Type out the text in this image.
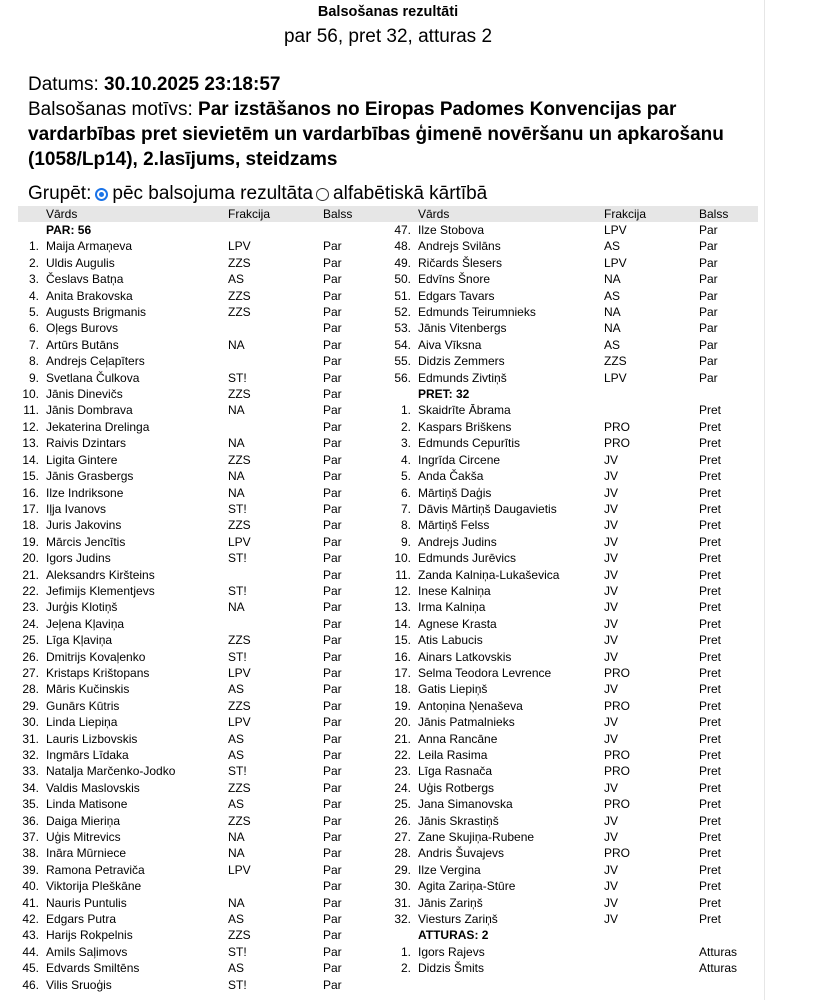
Balsošanas rezultāti
par 56, pret 32, atturas 2
Datums: 30.10.2025 23:18:57
Balsošanas motīvs: Par izstāšanos no Eiropas Padomes Konvencijas par vardarbības pret sievietēm un vardarbības ģimenē novēršanu un apkarošanu (1058/Lp14), 2.lasījums, steidzams
Grupēt: pēc balsojuma rezultāta alfabētiskā kārtībā
	Vārds	Frakcija	Balss
	PAR: 56		
1.	Maija Armaņeva	LPV	Par
2.	Uldis Augulis	ZZS	Par
3.	Česlavs Batņa	AS	Par
4.	Anita Brakovska	ZZS	Par
5.	Augusts Brigmanis	ZZS	Par
6.	Oļegs Burovs		Par
7.	Artūrs Butāns	NA	Par
8.	Andrejs Ceļapīters		Par
9.	Svetlana Čulkova	ST!	Par
10.	Jānis Dinevičs	ZZS	Par
11.	Jānis Dombrava	NA	Par
12.	Jekaterina Drelinga		Par
13.	Raivis Dzintars	NA	Par
14.	Ligita Gintere	ZZS	Par
15.	Jānis Grasbergs	NA	Par
16.	Ilze Indriksone	NA	Par
17.	Iļja Ivanovs	ST!	Par
18.	Juris Jakovins	ZZS	Par
19.	Mārcis Jencītis	LPV	Par
20.	Igors Judins	ST!	Par
21.	Aleksandrs Kiršteins		Par
22.	Jefimijs Klementjevs	ST!	Par
23.	Jurģis Klotiņš	NA	Par
24.	Jeļena Kļaviņa		Par
25.	Līga Kļaviņa	ZZS	Par
26.	Dmitrijs Kovaļenko	ST!	Par
27.	Kristaps Krištopans	LPV	Par
28.	Māris Kučinskis	AS	Par
29.	Gunārs Kūtris	ZZS	Par
30.	Linda Liepiņa	LPV	Par
31.	Lauris Lizbovskis	AS	Par
32.	Ingmārs Līdaka	AS	Par
33.	Natalja Marčenko-Jodko	ST!	Par
34.	Valdis Maslovskis	ZZS	Par
35.	Linda Matisone	AS	Par
36.	Daiga Mieriņa	ZZS	Par
37.	Uģis Mitrevics	NA	Par
38.	Ināra Mūrniece	NA	Par
39.	Ramona Petraviča	LPV	Par
40.	Viktorija Pleškāne		Par
41.	Nauris Puntulis	NA	Par
42.	Edgars Putra	AS	Par
43.	Harijs Rokpelnis	ZZS	Par
44.	Amils Saļimovs	ST!	Par
45.	Edvards Smiltēns	AS	Par
46.	Vilis Sruoģis	ST!	Par
	Vārds	Frakcija	Balss
47.	Ilze Stobova	LPV	Par
48.	Andrejs Svilāns	AS	Par
49.	Ričards Šlesers	LPV	Par
50.	Edvīns Šnore	NA	Par
51.	Edgars Tavars	AS	Par
52.	Edmunds Teirumnieks	NA	Par
53.	Jānis Vitenbergs	NA	Par
54.	Aiva Vīksna	AS	Par
55.	Didzis Zemmers	ZZS	Par
56.	Edmunds Zivtiņš	LPV	Par
	PRET: 32		
1.	Skaidrīte Ābrama		Pret
2.	Kaspars Briškens	PRO	Pret
3.	Edmunds Cepurītis	PRO	Pret
4.	Ingrīda Circene	JV	Pret
5.	Anda Čakša	JV	Pret
6.	Mārtiņš Daģis	JV	Pret
7.	Dāvis Mārtiņš Daugavietis	JV	Pret
8.	Mārtiņš Felss	JV	Pret
9.	Andrejs Judins	JV	Pret
10.	Edmunds Jurēvics	JV	Pret
11.	Zanda Kalniņa-Lukaševica	JV	Pret
12.	Inese Kalniņa	JV	Pret
13.	Irma Kalniņa	JV	Pret
14.	Agnese Krasta	JV	Pret
15.	Atis Labucis	JV	Pret
16.	Ainars Latkovskis	JV	Pret
17.	Selma Teodora Levrence	PRO	Pret
18.	Gatis Liepiņš	JV	Pret
19.	Antoņina Ņenaševa	PRO	Pret
20.	Jānis Patmalnieks	JV	Pret
21.	Anna Rancāne	JV	Pret
22.	Leila Rasima	PRO	Pret
23.	Līga Rasnača	PRO	Pret
24.	Uģis Rotbergs	JV	Pret
25.	Jana Simanovska	PRO	Pret
26.	Jānis Skrastiņš	JV	Pret
27.	Zane Skujiņa-Rubene	JV	Pret
28.	Andris Šuvajevs	PRO	Pret
29.	Ilze Vergina	JV	Pret
30.	Agita Zariņa-Stūre	JV	Pret
31.	Jānis Zariņš	JV	Pret
32.	Viesturs Zariņš	JV	Pret
	ATTURAS: 2		
1.	Igors Rajevs		Atturas
2.	Didzis Šmits		Atturas
